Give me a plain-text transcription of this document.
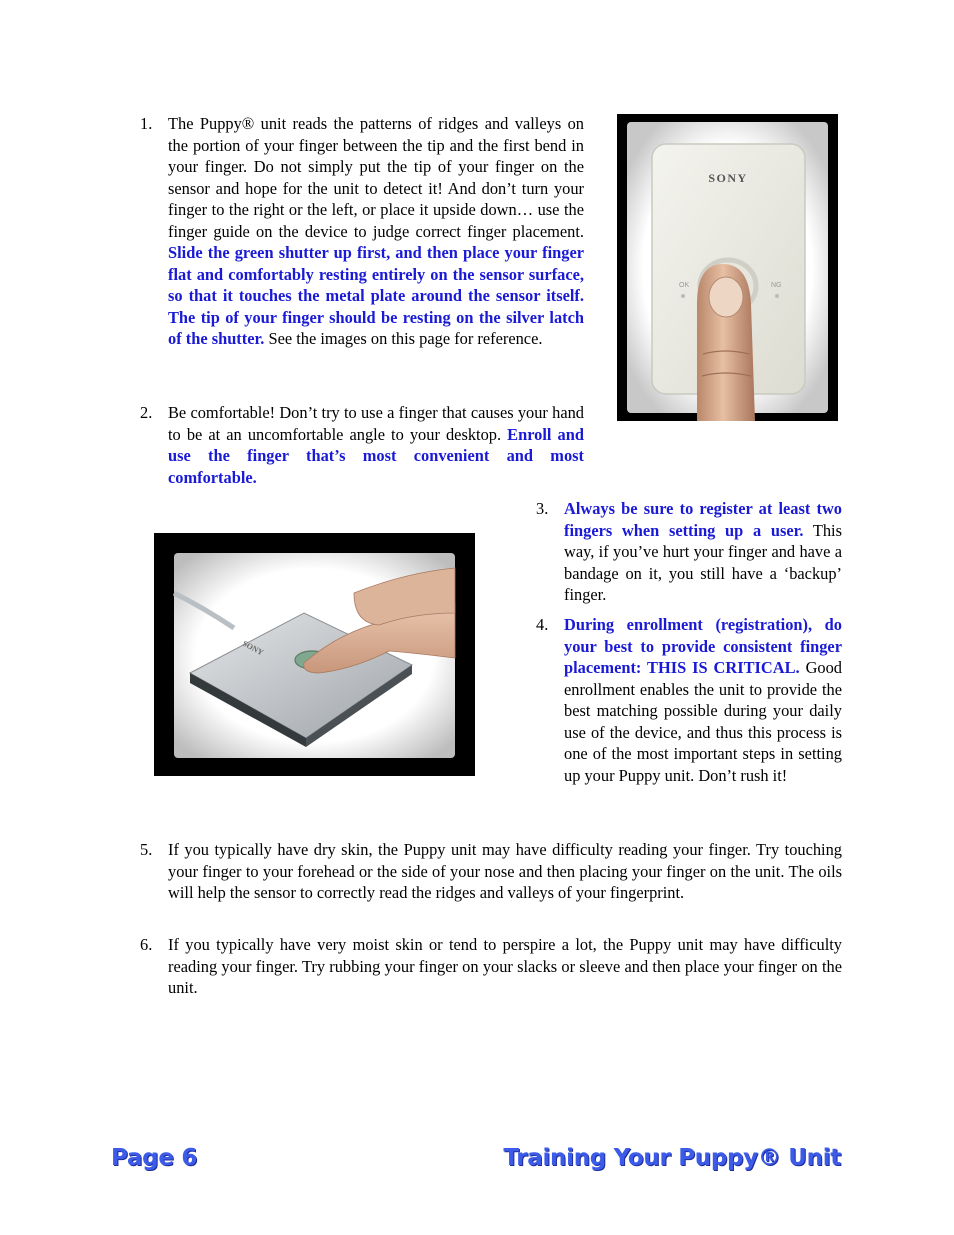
1. The Puppy® unit reads the patterns of ridges and valleys on the portion of your finger between the tip and the first bend in your finger. Do not simply put the tip of your finger on the sensor and hope for the unit to detect it! And don’t turn your finger to the right or the left, or place it upside down… use the finger guide on the device to judge correct finger placement. Slide the green shutter up first, and then place your finger flat and comfortably resting entirely on the sensor surface, so that it touches the metal plate around the sensor itself. The tip of your finger should be resting on the silver latch of the shutter. See the images on this page for reference.
2. Be comfortable! Don’t try to use a finger that causes your hand to be at an uncomfortable angle to your desktop. Enroll and use the finger that’s most convenient and most comfortable.
3. Always be sure to register at least two fingers when setting up a user. This way, if you’ve hurt your finger and have a bandage on it, you still have a ‘backup’ finger.
4. During enrollment (registration), do your best to provide consistent finger placement: THIS IS CRITICAL. Good enrollment enables the unit to provide the best matching possible during your daily use of the device, and thus this process is one of the most important steps in setting up your Puppy unit. Don’t rush it!
5. If you typically have dry skin, the Puppy unit may have difficulty reading your finger. Try touching your finger to your forehead or the side of your nose and then placing your finger on the unit. The oils will help the sensor to correctly read the ridges and valleys of your fingerprint.
6. If you typically have very moist skin or tend to perspire a lot, the Puppy unit may have difficulty reading your finger. Try rubbing your finger on your slacks or sleeve and then place your finger on the unit.
SONY
OK	NG
SONY
Page 6	Training Your Puppy® Unit
